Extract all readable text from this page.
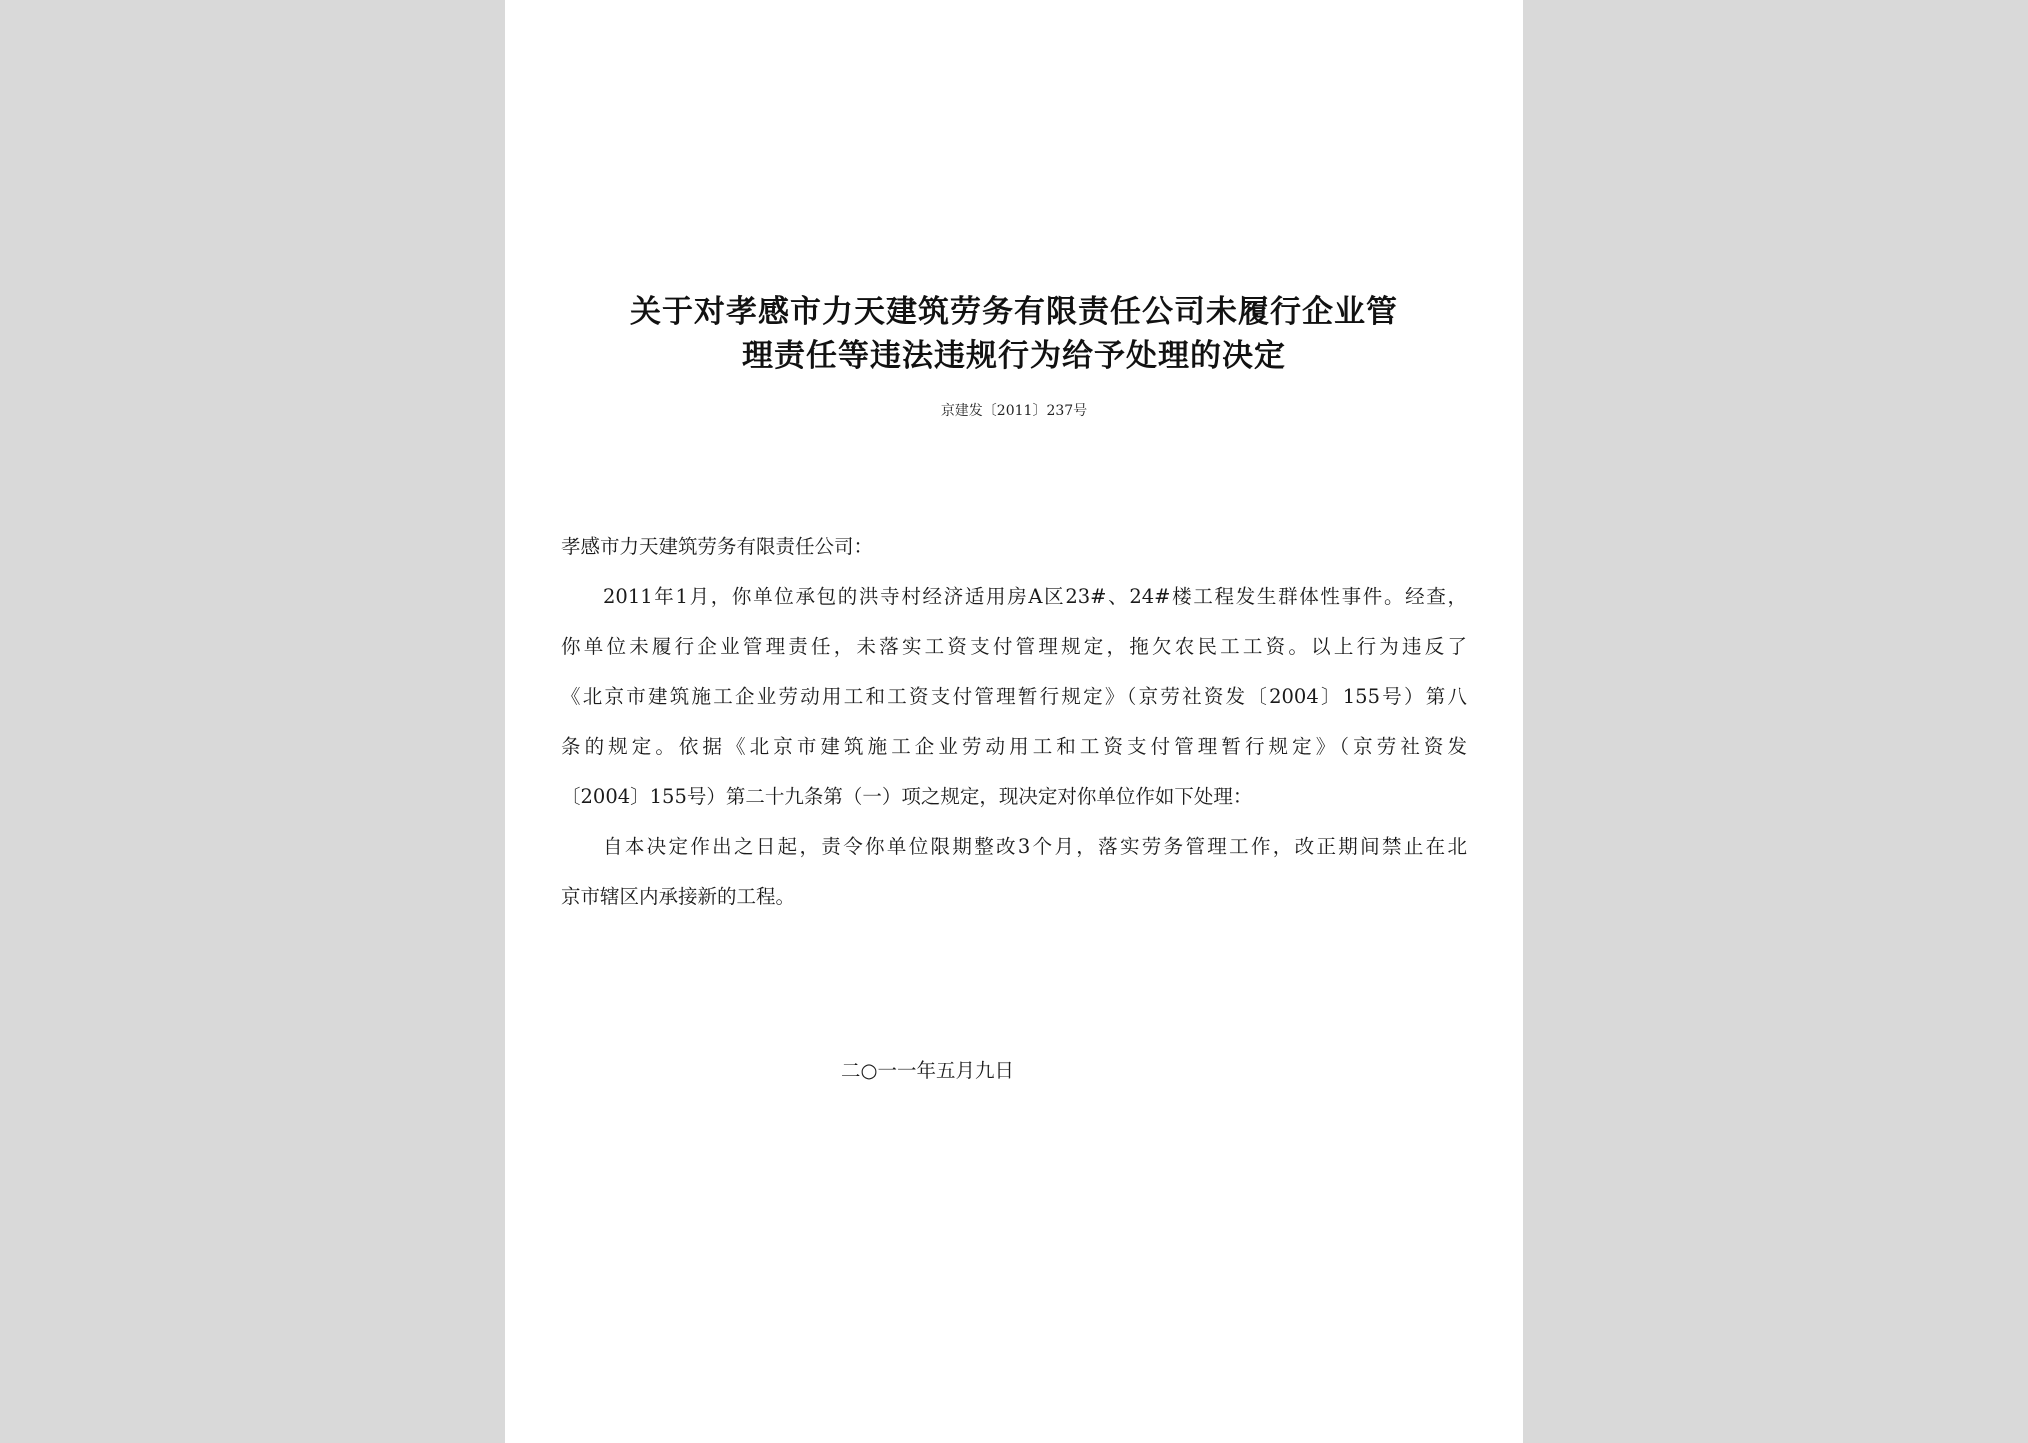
关于对孝感市力天建筑劳务有限责任公司未履行企业管
理责任等违法违规行为给予处理的决定
京建发〔2011〕237号
孝感市力天建筑劳务有限责任公司：
2011年1月，你单位承包的洪寺村经济适用房A区23#、24#楼工程发生群体性事件。经查，
你单位未履行企业管理责任，未落实工资支付管理规定，拖欠农民工工资。以上行为违反了
《北京市建筑施工企业劳动用工和工资支付管理暂行规定》（京劳社资发〔2004〕155号）第八
条的规定。依据《北京市建筑施工企业劳动用工和工资支付管理暂行规定》（京劳社资发
〔2004〕155号）第二十九条第（一）项之规定，现决定对你单位作如下处理：
自本决定作出之日起，责令你单位限期整改3个月，落实劳务管理工作，改正期间禁止在北
京市辖区内承接新的工程。
二○一一年五月九日
